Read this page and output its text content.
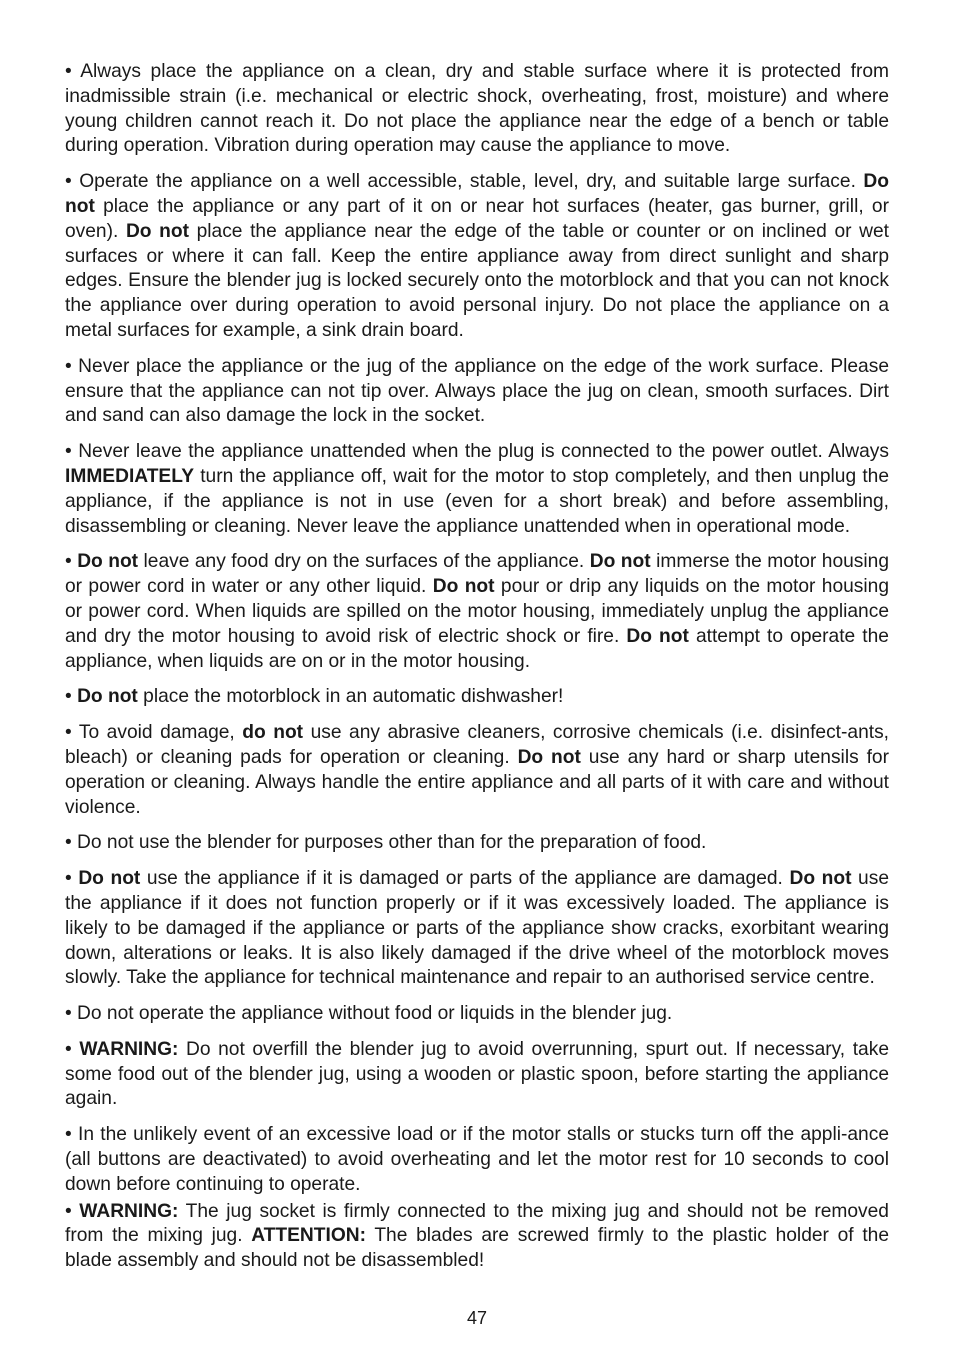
• Always place the appliance on a clean, dry and stable surface where it is protected from inadmissible strain (i.e. mechanical or electric shock, overheating, frost, moisture) and where young children cannot reach it. Do not place the appliance near the edge of a bench or table during operation. Vibration during operation may cause the appliance to move.

• Operate the appliance on a well accessible, stable, level, dry, and suitable large surface. Do not place the appliance or any part of it on or near hot surfaces (heater, gas burner, grill, or oven). Do not place the appliance near the edge of the table or counter or on inclined or wet surfaces or where it can fall. Keep the entire appliance away from direct sunlight and sharp edges. Ensure the blender jug is locked securely onto the motorblock and that you can not knock the appliance over during operation to avoid personal injury. Do not place the appliance on a metal surfaces for example, a sink drain board.

• Never place the appliance or the jug of the appliance on the edge of the work surface. Please ensure that the appliance can not tip over. Always place the jug on clean, smooth surfaces. Dirt and sand can also damage the lock in the socket.

• Never leave the appliance unattended when the plug is connected to the power outlet. Always IMMEDIATELY turn the appliance off, wait for the motor to stop completely, and then unplug the appliance, if the appliance is not in use (even for a short break) and before assembling, disassembling or cleaning. Never leave the appliance unattended when in operational mode.

• Do not leave any food dry on the surfaces of the appliance. Do not immerse the motor housing or power cord in water or any other liquid. Do not pour or drip any liquids on the motor housing or power cord. When liquids are spilled on the motor housing, immediately unplug the appliance and dry the motor housing to avoid risk of electric shock or fire. Do not attempt to operate the appliance, when liquids are on or in the motor housing.

• Do not place the motorblock in an automatic dishwasher!

• To avoid damage, do not use any abrasive cleaners, corrosive chemicals (i.e. disinfect-ants, bleach) or cleaning pads for operation or cleaning. Do not use any hard or sharp utensils for operation or cleaning. Always handle the entire appliance and all parts of it with care and without violence.

• Do not use the blender for purposes other than for the preparation of food.

• Do not use the appliance if it is damaged or parts of the appliance are damaged. Do not use the appliance if it does not function properly or if it was excessively loaded. The appliance is likely to be damaged if the appliance or parts of the appliance show cracks, exorbitant wearing down, alterations or leaks. It is also likely damaged if the drive wheel of the motorblock moves slowly. Take the appliance for technical maintenance and repair to an authorised service centre.

• Do not operate the appliance without food or liquids in the blender jug.

• WARNING: Do not overfill the blender jug to avoid overrunning, spurt out. If necessary, take some food out of the blender jug, using a wooden or plastic spoon, before starting the appliance again.

• In the unlikely event of an excessive load or if the motor stalls or stucks turn off the appli-ance (all buttons are deactivated) to avoid overheating and let the motor rest for 10 seconds to cool down before continuing to operate.

• WARNING: The jug socket is firmly connected to the mixing jug and should not be removed from the mixing jug. ATTENTION: The blades are screwed firmly to the plastic holder of the blade assembly and should not be disassembled!

47
